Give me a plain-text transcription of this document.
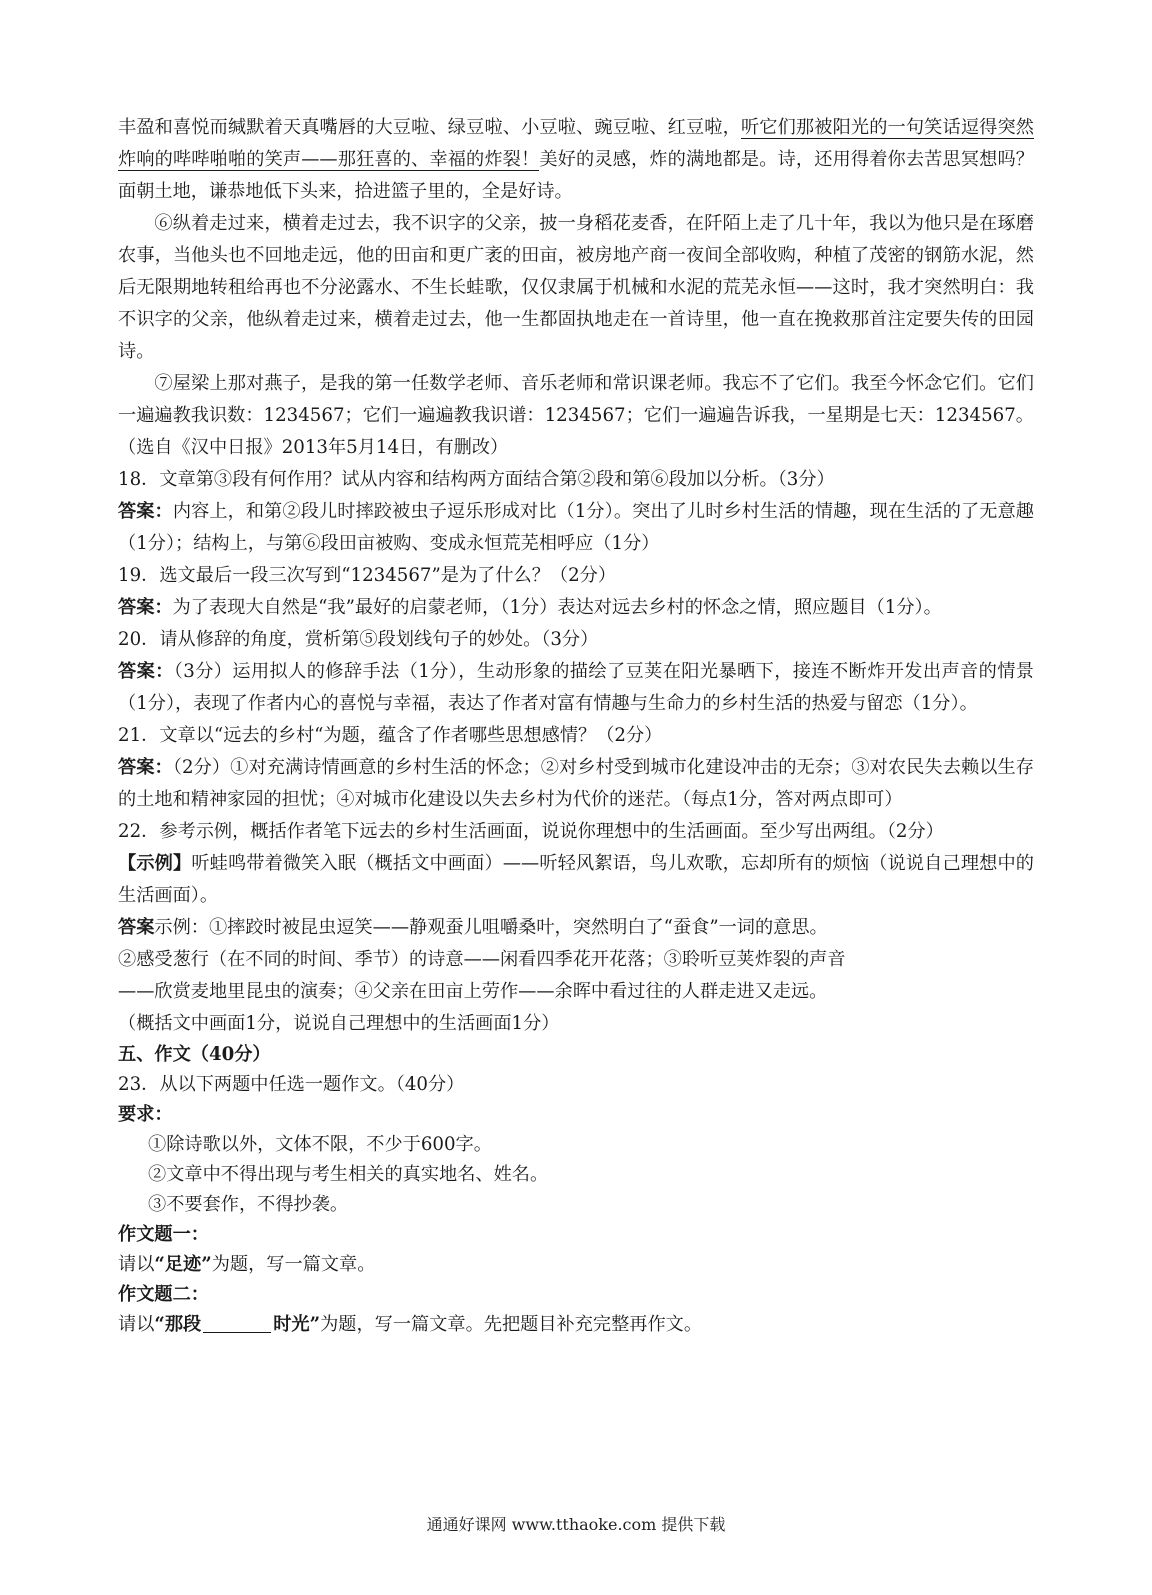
丰盈和喜悦而缄默着天真嘴唇的大豆啦、绿豆啦、小豆啦、豌豆啦、红豆啦，听它们那被阳光的一句笑话逗得突然炸响的哔哔啪啪的笑声——那狂喜的、幸福的炸裂！美好的灵感，炸的满地都是。诗，还用得着你去苦思冥想吗？面朝土地，谦恭地低下头来，拾进篮子里的，全是好诗。

⑥纵着走过来，横着走过去，我不识字的父亲，披一身稻花麦香，在阡陌上走了几十年，我以为他只是在琢磨农事，当他头也不回地走远，他的田亩和更广袤的田亩，被房地产商一夜间全部收购，种植了茂密的钢筋水泥，然后无限期地转租给再也不分泌露水、不生长蛙歌，仅仅隶属于机械和水泥的荒芜永恒——这时，我才突然明白：我不识字的父亲，他纵着走过来，横着走过去，他一生都固执地走在一首诗里，他一直在挽救那首注定要失传的田园诗。

⑦屋梁上那对燕子，是我的第一任数学老师、音乐老师和常识课老师。我忘不了它们。我至今怀念它们。它们一遍遍教我识数：1234567；它们一遍遍教我识谱：1234567；它们一遍遍告诉我，一星期是七天：1234567。（选自《汉中日报》2013年5月14日，有删改）

18．文章第③段有何作用？试从内容和结构两方面结合第②段和第⑥段加以分析。（3分）

答案：内容上，和第②段儿时摔跤被虫子逗乐形成对比（1分）。突出了儿时乡村生活的情趣，现在生活的了无意趣（1分）；结构上，与第⑥段田亩被购、变成永恒荒芜相呼应（1分）

19．选文最后一段三次写到“1234567”是为了什么？（2分）

答案：为了表现大自然是“我”最好的启蒙老师，（1分）表达对远去乡村的怀念之情，照应题目（1分）。

20．请从修辞的角度，赏析第⑤段划线句子的妙处。（3分）

答案：（3分）运用拟人的修辞手法（1分），生动形象的描绘了豆荚在阳光暴晒下，接连不断炸开发出声音的情景（1分），表现了作者内心的喜悦与幸福，表达了作者对富有情趣与生命力的乡村生活的热爱与留恋（1分）。

21．文章以“远去的乡村“为题，蕴含了作者哪些思想感情？（2分）

答案：（2分）①对充满诗情画意的乡村生活的怀念；②对乡村受到城市化建设冲击的无奈；③对农民失去赖以生存的土地和精神家园的担忧；④对城市化建设以失去乡村为代价的迷茫。（每点1分，答对两点即可）

22．参考示例，概括作者笔下远去的乡村生活画面，说说你理想中的生活画面。至少写出两组。（2分）

【示例】听蛙鸣带着微笑入眠（概括文中画面）——听轻风絮语，鸟儿欢歌，忘却所有的烦恼（说说自己理想中的生活画面）。

答案示例：①摔跤时被昆虫逗笑——静观蚕儿咀嚼桑叶，突然明白了“蚕食”一词的意思。

②感受葱行（在不同的时间、季节）的诗意——闲看四季花开花落；③聆听豆荚炸裂的声音

——欣赏麦地里昆虫的演奏；④父亲在田亩上劳作——余晖中看过往的人群走进又走远。

（概括文中画面1分，说说自己理想中的生活画面1分）

五、作文（40分）

23．从以下两题中任选一题作文。（40分）

要求：

①除诗歌以外，文体不限，不少于600字。

②文章中不得出现与考生相关的真实地名、姓名。

③不要套作，不得抄袭。

作文题一：

请以“足迹”为题，写一篇文章。

作文题二：

请以“那段	时光”为题，写一篇文章。先把题目补充完整再作文。

通通好课网 www.tthaoke.com 提供下载
